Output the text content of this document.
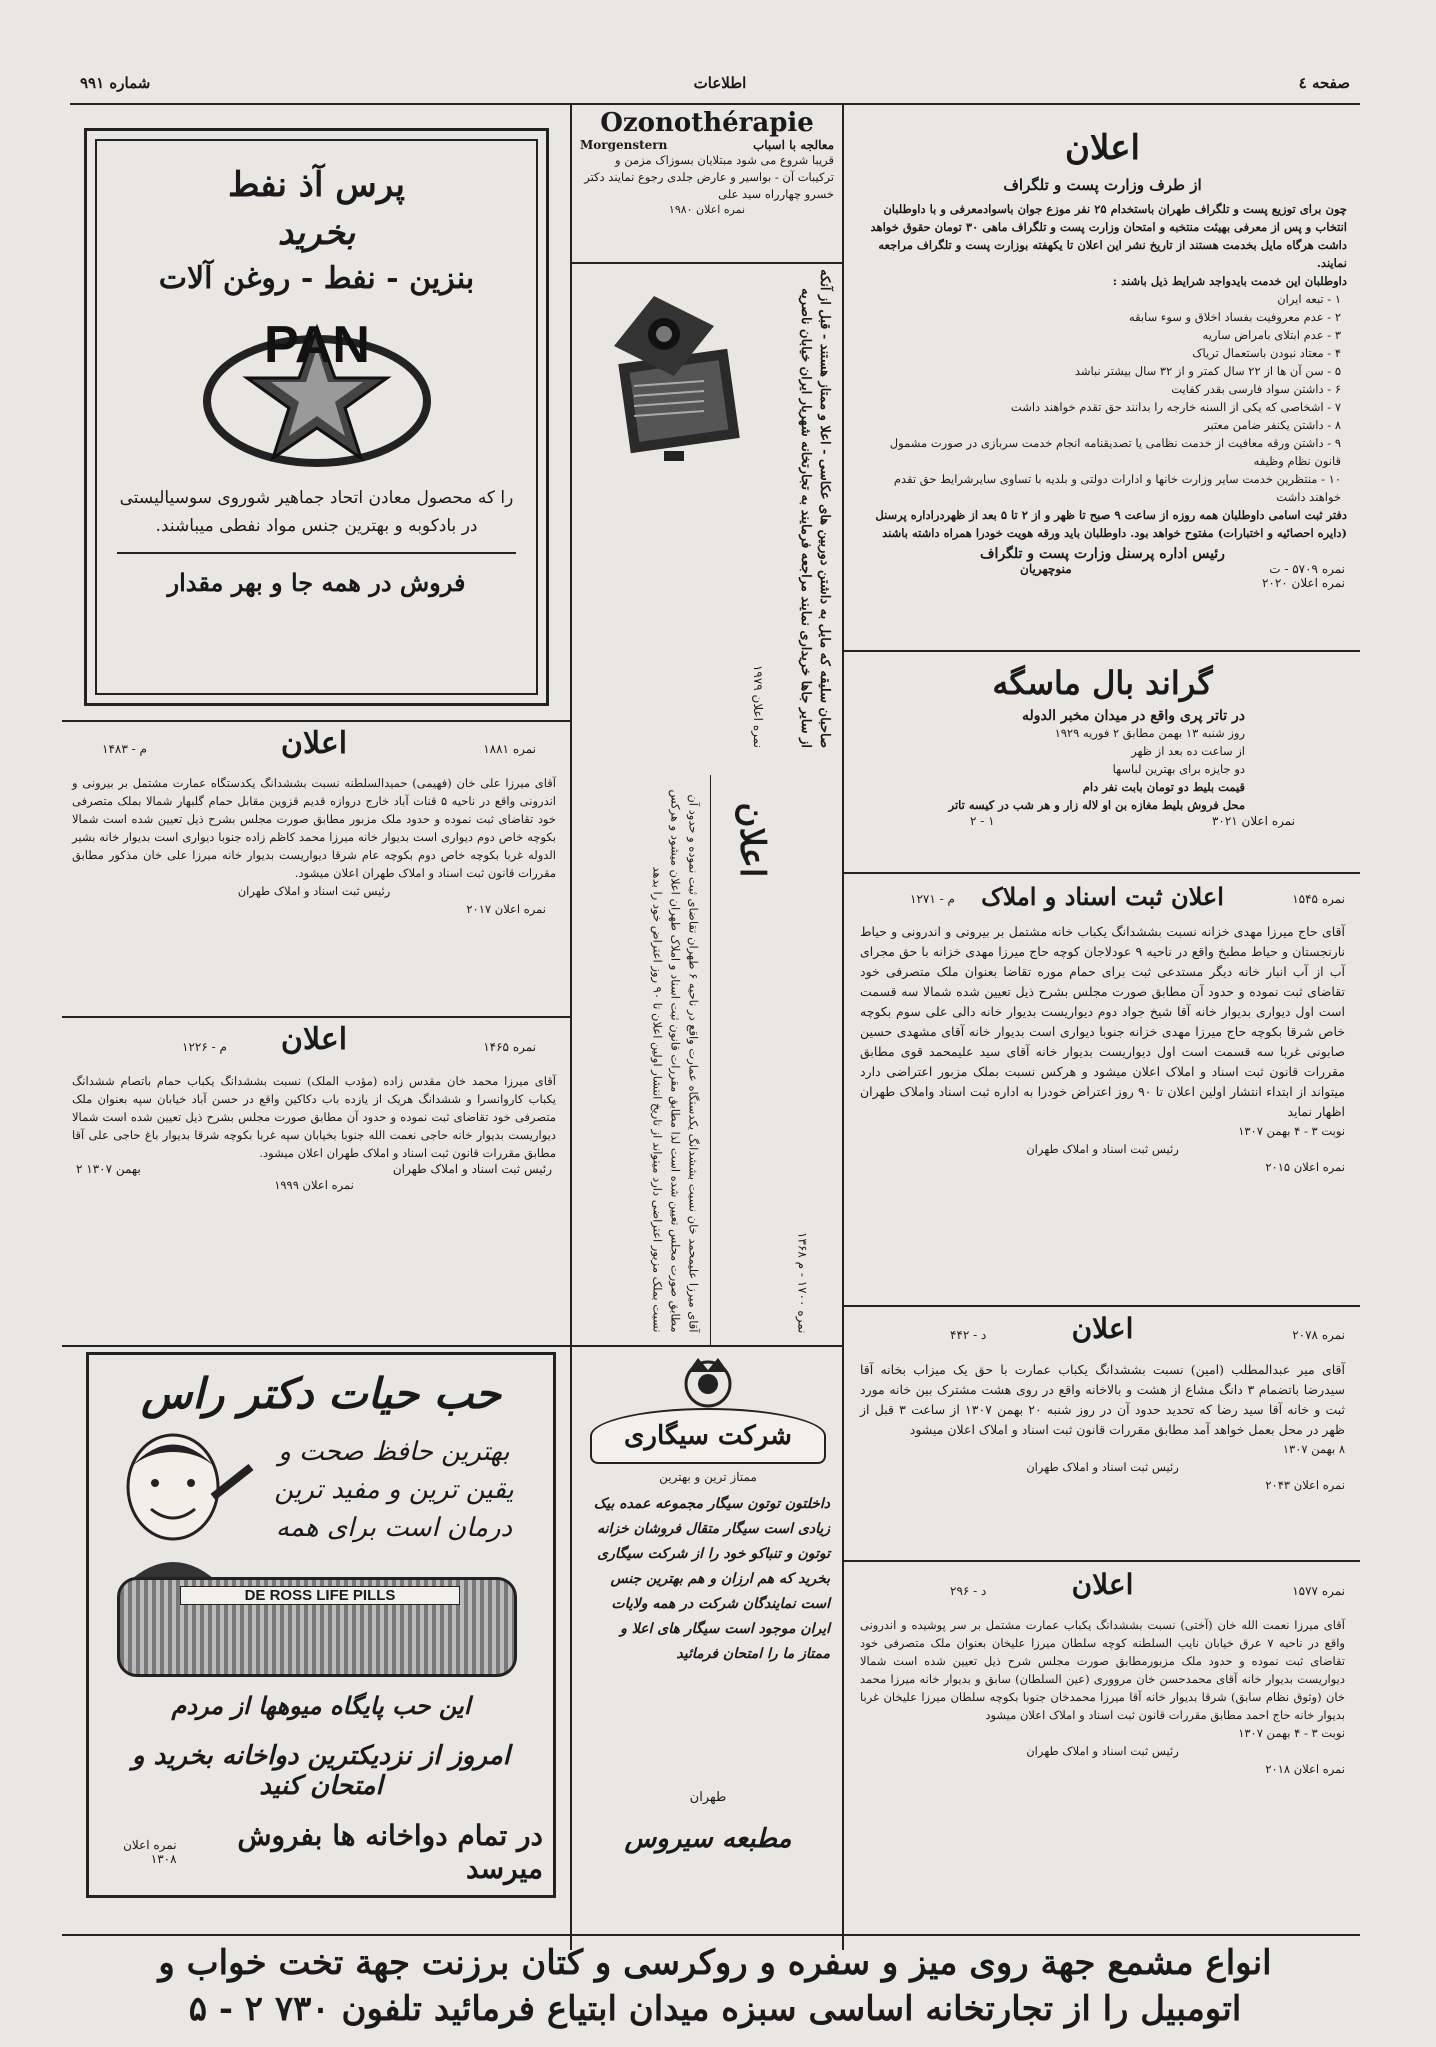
صفحه ٤
اطلاعات
شماره ٩٩١
اعلان
از طرف وزارت پست و تلگراف
چون برای توزیع پست و تلگراف طهران باستخدام ۲۵ نفر موزع جوان باسوادمعرفی و با داوطلبان انتخاب و پس از معرفی بهیئت منتخبه و امتحان وزارت پست و تلگراف ماهی ۳۰ تومان حقوق خواهد داشت هرگاه مایل بخدمت هستند از تاریخ نشر این اعلان تا یکهفته بوزارت پست و تلگراف مراجعه نمایند.
داوطلبان این خدمت بایدواجد شرایط ذیل باشند :
۱ - تبعه ایران
۲ - عدم معروفیت بفساد اخلاق و سوء سابقه
۳ - عدم ابتلای بامراض ساریه
۴ - معتاد نبودن باستعمال تریاک
۵ - سن آن ها از ۲۲ سال کمتر و از ۳۲ سال بیشتر نباشد
۶ - داشتن سواد فارسی بقدر کفایت
۷ - اشخاصی که یکی از السنه خارجه را بدانند حق تقدم خواهند داشت
۸ - داشتن یکنفر ضامن معتبر
۹ - داشتن ورقه معافیت از خدمت نظامی یا تصدیقنامه انجام خدمت سربازی در صورت مشمول قانون نظام وظیفه
۱۰ - منتظرین خدمت سایر وزارت خانها و ادارات دولتی و بلدیه با تساوی سایرشرایط حق تقدم خواهند داشت
دفتر ثبت اسامی داوطلبان همه روزه از ساعت ۹ صبح تا ظهر و از ۲ تا ۵ بعد از ظهردراداره پرسنل (دایره احصائیه و اختبارات) مفتوح خواهد بود. داوطلبان باید ورقه هویت خودرا همراه داشته باشند
رئیس اداره پرسنل وزارت پست و تلگراف
منوچهریان	نمره ۵۷۰۹ - ت
نمره اعلان ۲۰۲۰
گراند بال ماسگه
در تاتر پری واقع در میدان مخبر الدوله
روز شنبه ۱۳ بهمن مطابق ۲ فوریه ۱۹۲۹
از ساعت ده بعد از ظهر
دو جایزه برای بهترین لباسها
قیمت بلیط دو تومان بابت نفر دام
محل فروش بلیط مغازه بن او لاله زار و هر شب در کیسه تاتر
۲ - ۱	نمره اعلان ۳۰۲۱
نمره ۱۵۴۵
اعلان ثبت اسناد و املاک
م - ۱۲۷۱
آقای حاج میرزا مهدی خزانه نسبت بششدانگ یکباب خانه مشتمل بر بیرونی و اندرونی و حیاط نارنجستان و حیاط مطبخ واقع در ناحیه ۹ عودلاجان کوچه حاج میرزا مهدی خزانه با حق مجرای آب از آب انبار خانه دیگر مستدعی ثبت برای حمام موره تقاضا بعنوان ملک متصرفی خود تقاضای ثبت نموده و حدود آن مطابق صورت مجلس بشرح ذیل تعیین شده شمالا سه قسمت است اول دیواری بدیوار خانه آقا شیخ جواد دوم دیواریست بدیوار خانه دالی علی سوم بکوچه خاص شرقا بکوچه حاج میرزا مهدی خزانه جنوبا دیواری است بدیوار خانه آقای مشهدی حسین صابونی غربا سه قسمت است اول دیواریست بدیوار خانه آقای سید علیمحمد قوی مطابق مقررات قانون ثبت اسناد و املاک اعلان میشود و هرکس نسبت بملک مزبور اعتراضی دارد میتواند از ابتداء انتشار اولین اعلان تا ۹۰ روز اعتراض خودرا به اداره ثبت اسناد واملاک طهران اظهار نماید
نوبت ۳ - ۴ بهمن ۱۳۰۷
رئیس ثبت اسناد و املاک طهران
نمره اعلان ۲۰۱۵
نمره ۲۰۷۸
اعلان
د - ۴۴۲
آقای میر عبدالمطلب (امین) نسبت بششدانگ یکباب عمارت با حق یک میزاب بخانه آقا سیدرضا باتضمام ۳ دانگ مشاع از هشت و بالاخانه واقع در روی هشت مشترک بین خانه مورد ثبت و خانه آقا سید رضا که تحدید حدود آن در روز شنبه ۲۰ بهمن ۱۳۰۷ از ساعت ۳ قبل از ظهر در محل بعمل خواهد آمد مطابق مقررات قانون ثبت اسناد و املاک اعلان میشود
۸ بهمن ۱۳۰۷
رئیس ثبت اسناد و املاک طهران
نمره اعلان ۲۰۴۳
نمره ۱۵۷۷
اعلان
د - ۲۹۶
آقای میرزا نعمت الله خان (آختی) نسبت بششدانگ یکباب عمارت مشتمل بر سر پوشیده و اندرونی واقع در ناحیه ۷ عرق خیابان نایب السلطنه کوچه سلطان میرزا علیخان بعنوان ملک متصرفی خود تقاضای ثبت نموده و حدود ملک مزبورمطابق صورت مجلس شرح ذیل تعیین شده است شمالا دیواریست بدیوار خانه آقای محمدحسن خان مرووری (عین السلطان) سابق و بدیوار خانه میرزا محمد خان (وثوق نظام سابق) شرقا بدیوار خانه آقا میرزا محمدخان جنوبا بکوچه سلطان میرزا علیخان غربا بدیوار خانه حاج احمد مطابق مقررات قانون ثبت اسناد و املاک اعلان میشود
نوبت ۳ - ۴ بهمن ۱۳۰۷
رئیس ثبت اسناد و املاک طهران
نمره اعلان ۲۰۱۸
Ozonothérapie
Morgenstern	معالجه با اسباب
قریبا شروع می شود مبتلایان بسوزاک مزمن و ترکیبات آن - بواسیر و عارض جلدی رجوع نمایند دکتر خسرو چهارراه سید علی
نمره اعلان ۱۹۸۰
صاحبان سلیقه که مایل به داشتن دوربین های عکاسی - اعلا و ممتاز هستند - قبل از آنکه از سایر جاها خریداری نمایند مراجعه فرمایند به تجارتخانه شهریار ایران خیابان ناصریه
نمره اعلان ۱۹۷۹
آقای میرزا علیمحمد خان نسبت بششدانگ یکدستگاه عمارت واقع در ناحیه ۶ طهران تقاضای ثبت نموده و حدود آن مطابق صورت مجلس تعیین شده است لذا مطابق مقررات قانون ثبت اسناد و املاک طهران اعلان میشود و هرکس نسبت بملک مزبور اعتراضی دارد میتواند از تاریخ انتشار اولین اعلان تا ۹۰ روز اعتراض خود را بدهد
اعلان
نمره ۱۷۰۰ - م ۱۳۶۸
شرکت سیگاری
ممتاز ترین و بهترین
داخلتون توتون سیگار مجموعه عمده بیک زیادی است سیگار متقال فروشان خزانه توتون و تنباکو خود را از شرکت سیگاری بخرید که هم ارزان و هم بهترین جنس است نمایندگان شرکت در همه ولایات ایران موجود است سیگار های اعلا و ممتاز ما را امتحان فرمائید
طهران
مطبعه سیروس
پرس آذ نفط
بخرید
بنزین - نفط - روغن آلات
PAN
را که محصول معادن اتحاد جماهیر شوروی سوسیالیستی
در بادکوبه و بهترین جنس مواد نفطی میباشند.
فروش در همه جا و بهر مقدار
نمره ۱۸۸۱
اعلان
م - ۱۴۸۳
آقای میرزا علی خان (فهیمی) حمیدالسلطنه نسبت بششدانگ یکدستگاه عمارت مشتمل بر بیرونی و اندرونی واقع در ناحیه ۵ قنات آباد خارج دروازه قدیم قزوین مقابل حمام گلبهار شمالا بملک متصرفی خود تقاضای ثبت نموده و حدود ملک مزبور مطابق صورت مجلس بشرح ذیل تعیین شده است شمالا بکوچه خاص دوم دیواری است بدیوار خانه میرزا محمد کاظم زاده جنوبا دیواری است بدیوار خانه بشیر الدوله غربا بکوچه خاص دوم بکوچه عام شرقا دیواریست بدیوار خانه میرزا علی خان مذکور مطابق مقررات قانون ثبت اسناد و املاک طهران اعلان میشود.
رئیس ثبت اسناد و املاک طهران
نمره اعلان ۲۰۱۷
نمره ۱۴۶۵
اعلان
م - ۱۲۲۶
آقای میرزا محمد خان مقدس زاده (مؤدب الملک) نسبت بششدانگ یکباب حمام باتصام ششدانگ یکباب کاروانسرا و ششدانگ هریک از یازده باب دکاکین واقع در حسن آباد خیابان سپه بعنوان ملک متصرفی خود تقاضای ثبت نموده و حدود آن مطابق صورت مجلس بشرح ذیل تعیین شده است شمالا دیواریست بدیوار خانه حاجی نعمت الله جنوبا بخیابان سپه غربا بکوچه شرقا بدیوار باغ حاجی علی آقا مطابق مقررات قانون ثبت اسناد و املاک طهران اعلان میشود.
۲ بهمن ۱۳۰۷	رئیس ثبت اسناد و املاک طهران
نمره اعلان ۱۹۹۹
حب حیات دکتر راس
بهترین حافظ صحت و
یقین ترین و مفید ترین
درمان است برای همه
DE ROSS LIFE PILLS
این حب پایگاه میوهها از مردم
امروز از نزدیکترین دواخانه بخرید و امتحان کنید
در تمام دواخانه ها بفروش میرسد
نمره اعلان ۱۳۰۸
انواع مشمع جهة روی میز و سفره و روکرسی و کتان برزنت جهة تخت خواب و
اتومبیل را از تجارتخانه اساسی سبزه میدان ابتیاع فرمائید تلفون ۷۳۰ ۲ - ۵
